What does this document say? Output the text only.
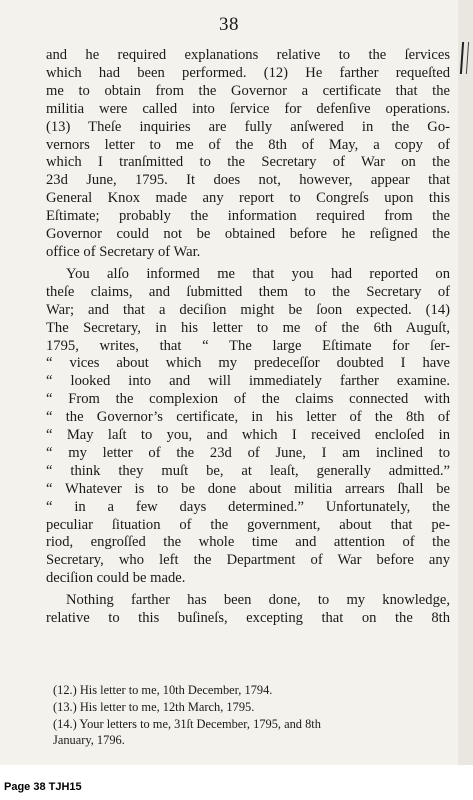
38
and he required explanations relative to the ſervices
which had been performed. (12) He farther requeſted
me to obtain from the Governor a certificate that the
militia were called into ſervice for defenſive operations.
(13) Theſe inquiries are fully anſwered in the Go-
vernors letter to me of the 8th of May, a copy of
which I tranſmitted to the Secretary of War on the
23d June, 1795. It does not, however, appear that
General Knox made any report to Congreſs upon this
Eſtimate; probably the information required from the
Governor could not be obtained before he reſigned the
office of Secretary of War.
You alſo informed me that you had reported on
theſe claims, and ſubmitted them to the Secretary of
War; and that a deciſion might be ſoon expected. (14)
The Secretary, in his letter to me of the 6th Auguſt,
1795, writes, that “ The large Eſtimate for ſer-
“ vices about which my predeceſſor doubted I have
“ looked into and will immediately farther examine.
“ From the complexion of the claims connected with
“ the Governor’s certificate, in his letter of the 8th of
“ May laſt to you, and which I received encloſed in
“ my letter of the 23d of June, I am inclined to
“ think they muſt be, at leaſt, generally admitted.”
“ Whatever is to be done about militia arrears ſhall be
“ in a few days determined.” Unfortunately, the
peculiar ſituation of the government, about that pe-
riod, engroſſed the whole time and attention of the
Secretary, who left the Department of War before any
deciſion could be made.
Nothing farther has been done, to my knowledge,
relative to this buſineſs, excepting that on the 8th
(12.) His letter to me, 10th December, 1794.
(13.) His letter to me, 12th March, 1795.
(14.) Your letters to me, 31ſt December, 1795, and 8th
January, 1796.
Page 38 TJH15
